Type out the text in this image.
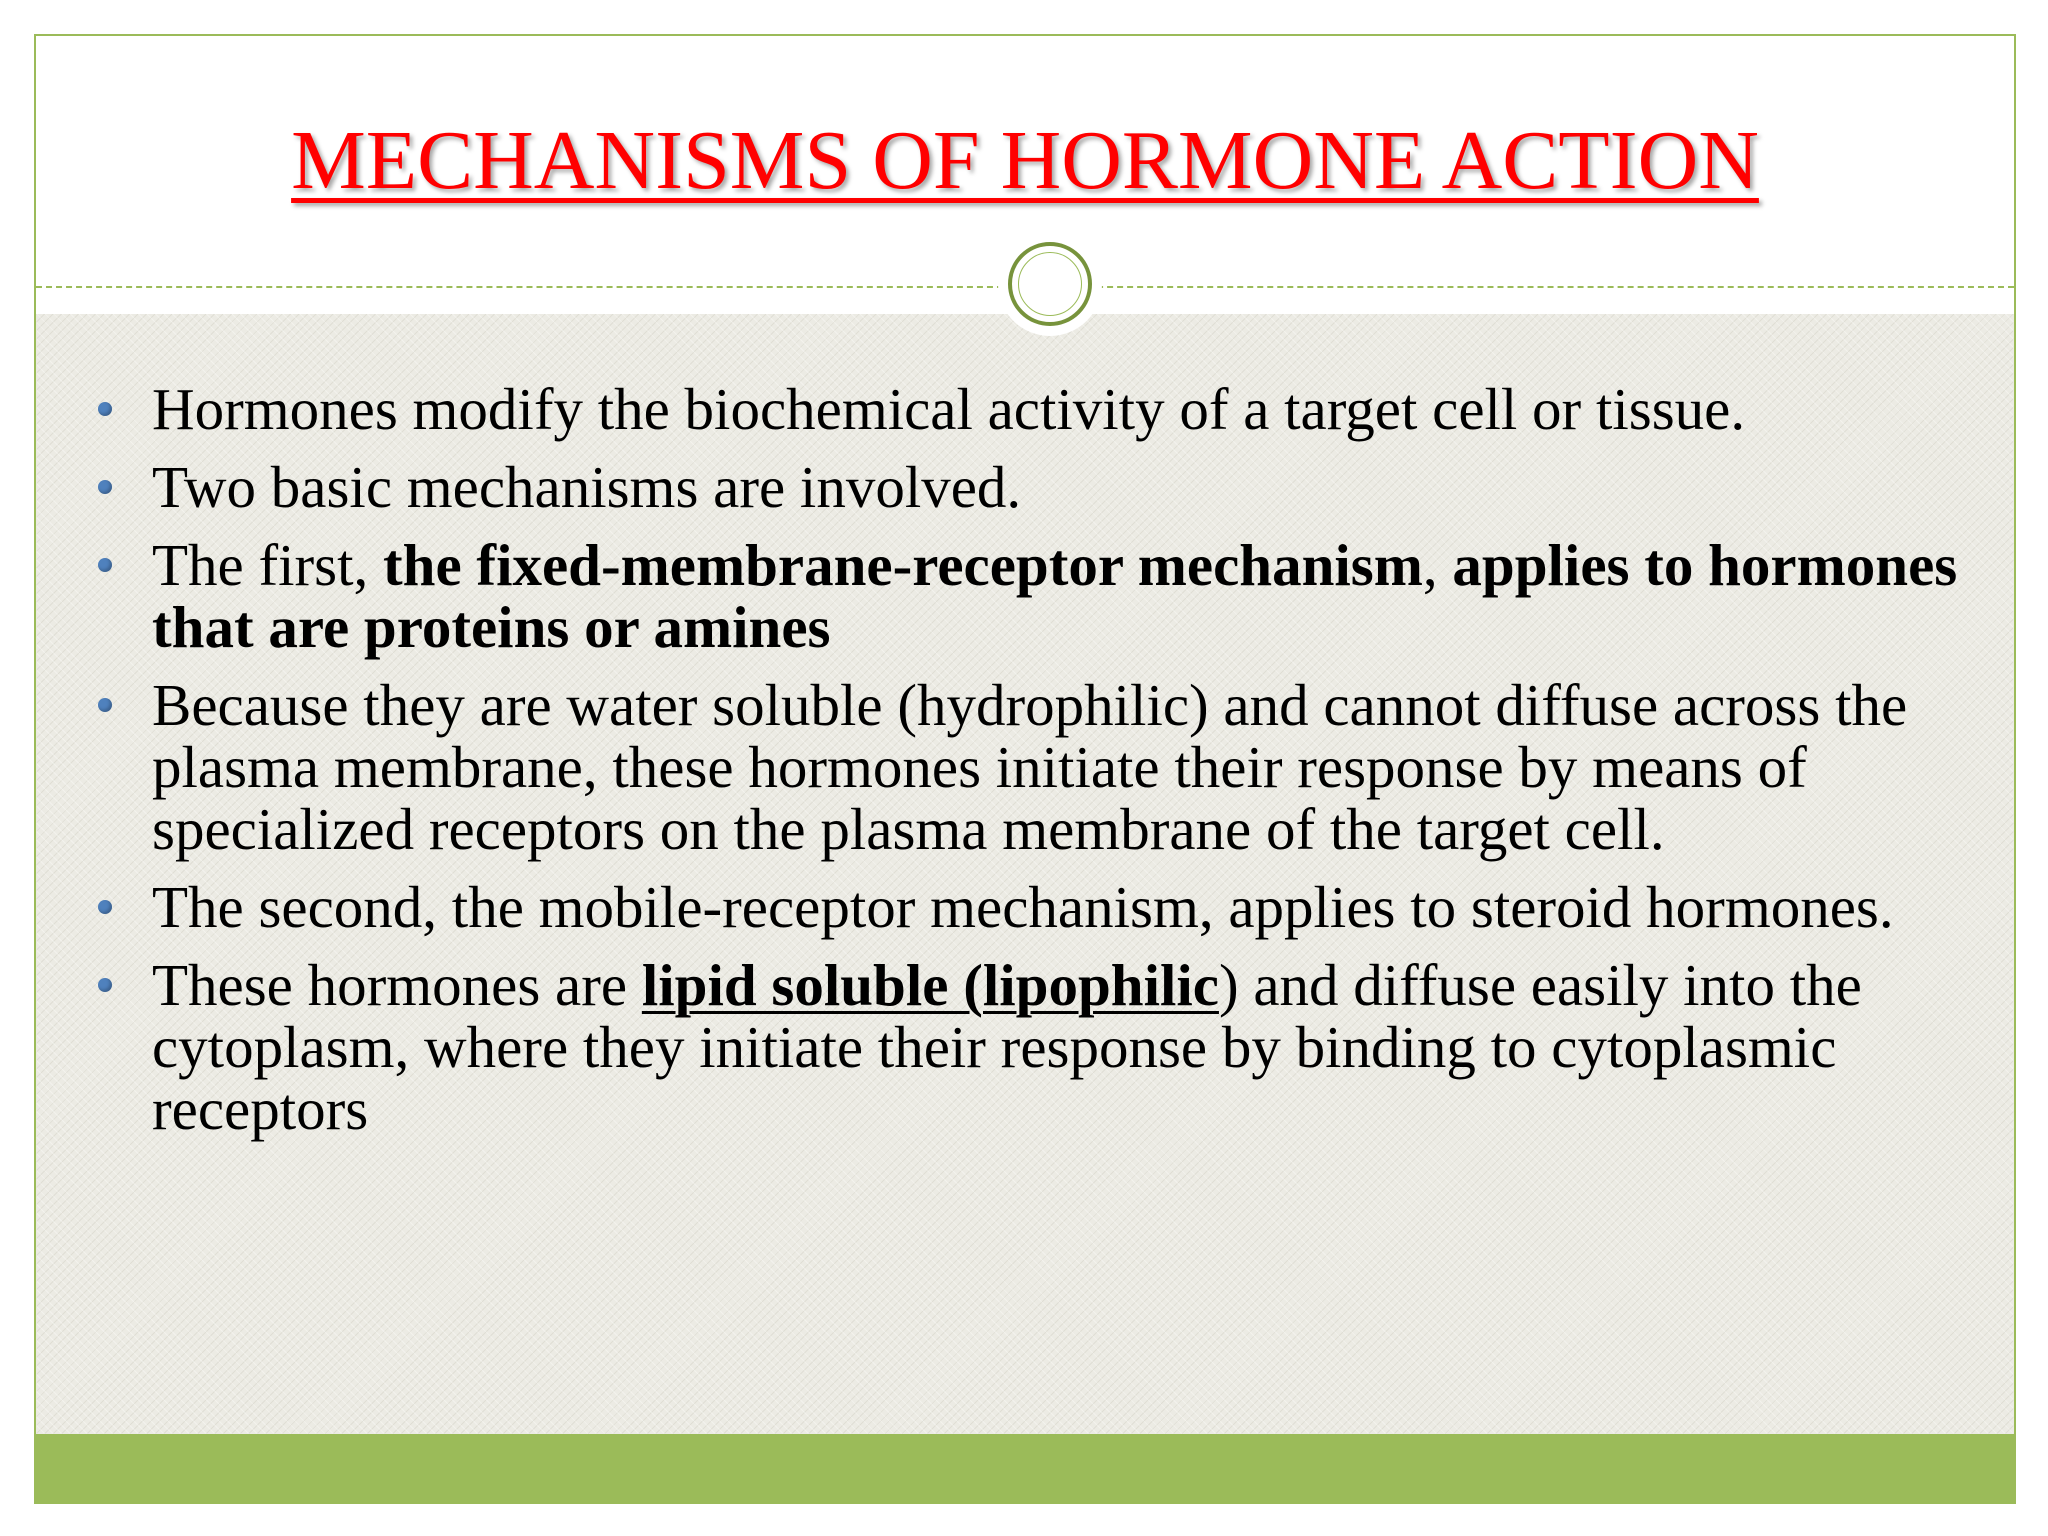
MECHANISMS OF HORMONE ACTION
Hormones modify the biochemical activity of a target cell or tissue.
Two basic mechanisms are involved.
The first, the fixed-membrane-receptor mechanism, applies to hormones that are proteins or amines
Because they are water soluble (hydrophilic) and cannot diffuse across the plasma membrane, these hormones initiate their response by means of specialized receptors on the plasma membrane of the target cell.
The second, the mobile-receptor mechanism, applies to steroid hormones.
These hormones are lipid soluble (lipophilic) and diffuse easily into the cytoplasm, where they initiate their response by binding to cytoplasmic receptors
